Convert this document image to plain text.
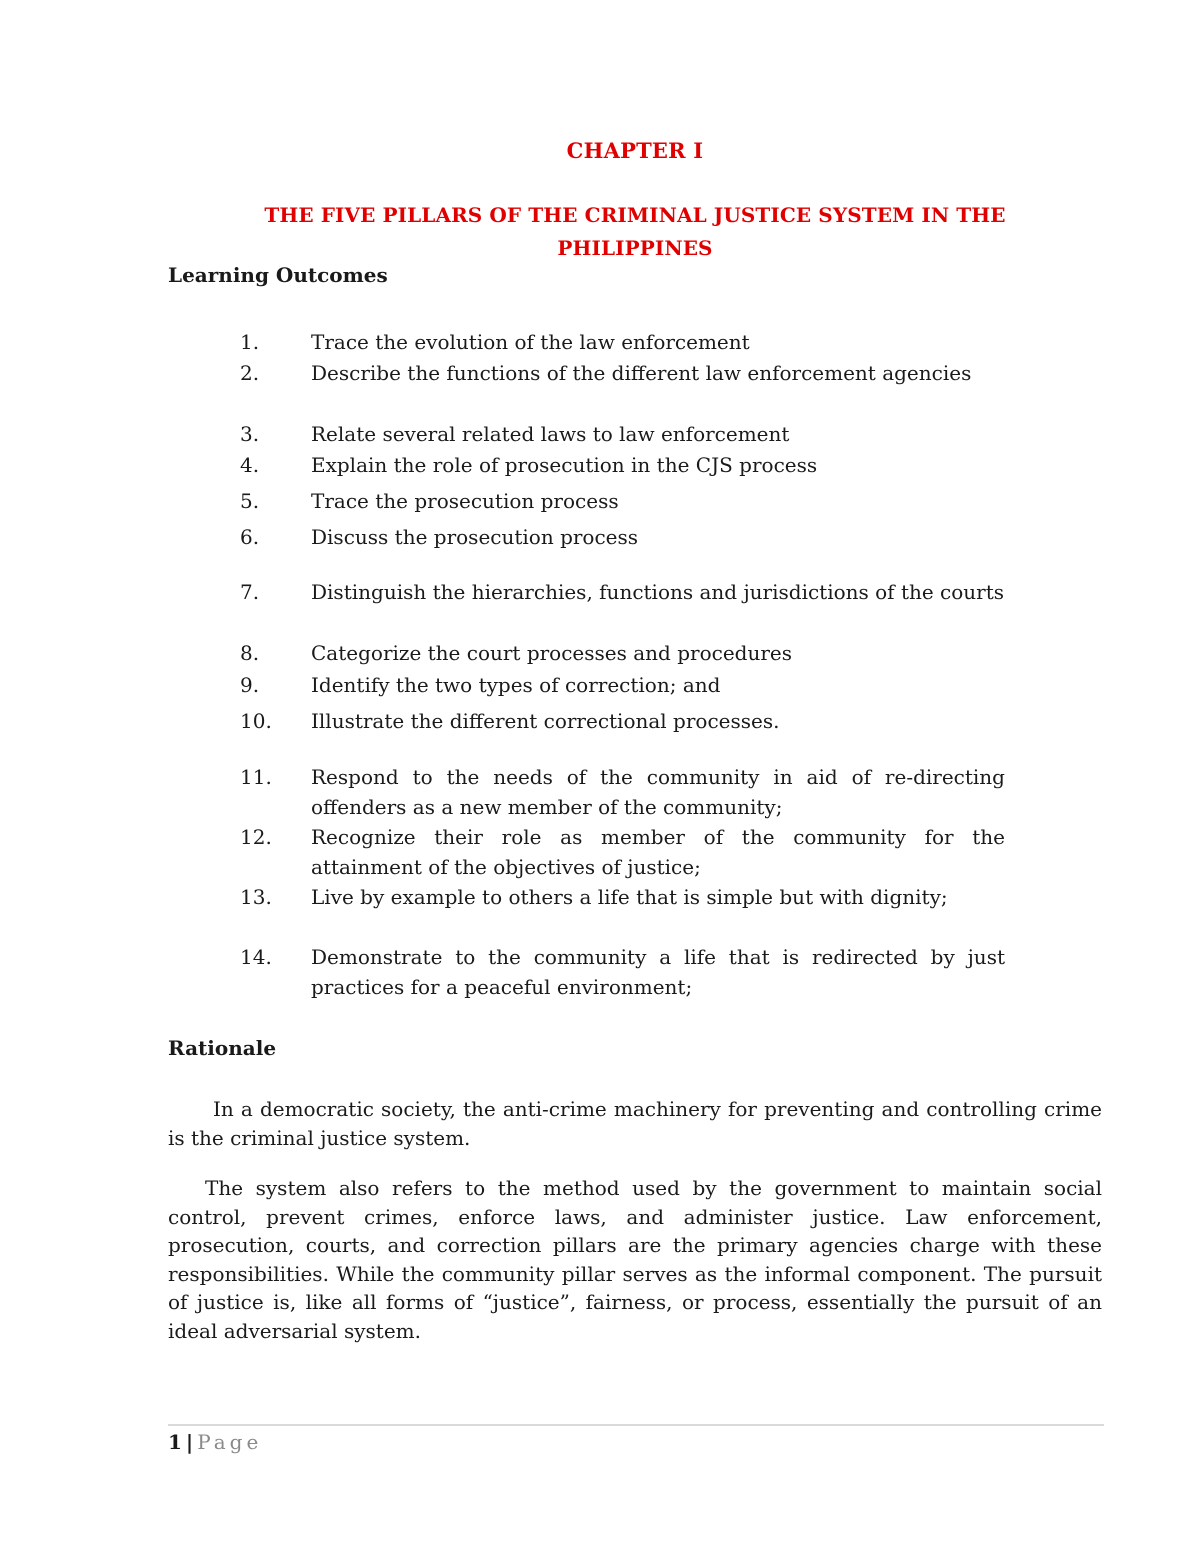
CHAPTER I
THE FIVE PILLARS OF THE CRIMINAL JUSTICE SYSTEM IN THE PHILIPPINES
Learning Outcomes
1.	Trace the evolution of the law enforcement
2.	Describe the functions of the different law enforcement agencies
3.	Relate several related laws to law enforcement
4.	Explain the role of prosecution in the CJS process
5.	Trace the prosecution process
6.	Discuss the prosecution process
7.	Distinguish the hierarchies, functions and jurisdictions of the courts
8.	Categorize the court processes and procedures
9.	Identify the two types of correction; and
10. Illustrate the different correctional processes.
11. Respond to the needs of the community in aid of re-directing offenders as a new member of the community;
12. Recognize their role as member of the community for the attainment of the objectives of justice;
13. Live by example to others a life that is simple but with dignity;
14. Demonstrate to the community a life that is redirected by just practices for a peaceful environment;
Rationale
In a democratic society, the anti-crime machinery for preventing and controlling crime is the criminal justice system.
The system also refers to the method used by the government to maintain social control, prevent crimes, enforce laws, and administer justice. Law enforcement, prosecution, courts, and correction pillars are the primary agencies charge with these responsibilities. While the community pillar serves as the informal component. The pursuit of justice is, like all forms of “justice”, fairness, or process, essentially the pursuit of an ideal adversarial system.
1 | Page
